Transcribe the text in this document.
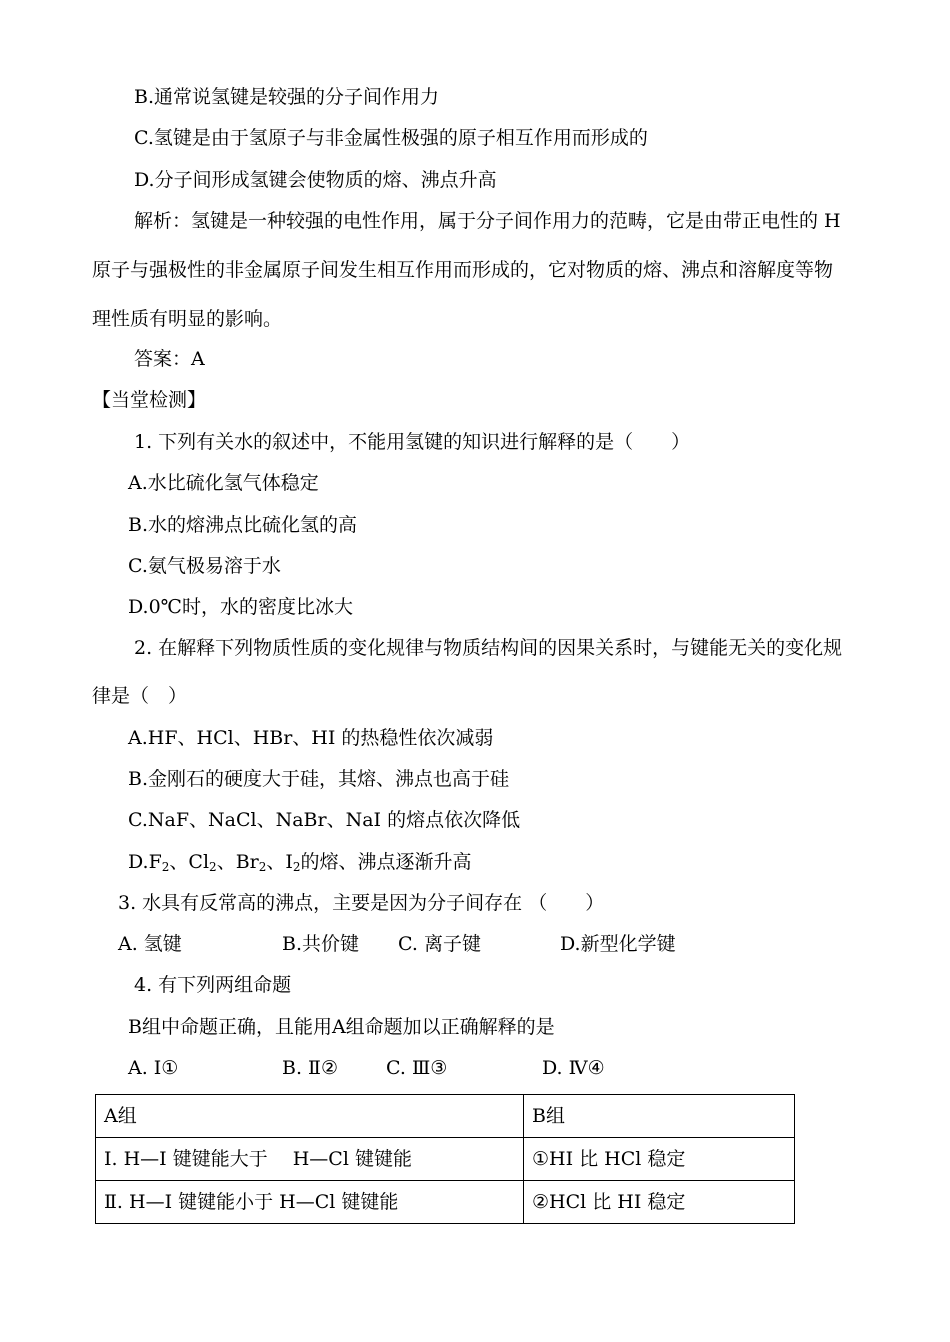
B.通常说氢键是较强的分子间作用力
C.氢键是由于氢原子与非金属性极强的原子相互作用而形成的
D.分子间形成氢键会使物质的熔、沸点升高
解析：氢键是一种较强的电性作用，属于分子间作用力的范畴，它是由带正电性的 H
原子与强极性的非金属原子间发生相互作用而形成的，它对物质的熔、沸点和溶解度等物
理性质有明显的影响。
答案：A
【当堂检测】
1. 下列有关水的叙述中，不能用氢键的知识进行解释的是（　　）
A.水比硫化氢气体稳定
B.水的熔沸点比硫化氢的高
C.氨气极易溶于水
D.0℃时，水的密度比冰大
2. 在解释下列物质性质的变化规律与物质结构间的因果关系时，与键能无关的变化规
律是（　）
A.HF、HCl、HBr、HI 的热稳性依次减弱
B.金刚石的硬度大于硅，其熔、沸点也高于硅
C.NaF、NaCl、NaBr、NaI 的熔点依次降低
$D.F_2$、$Cl_2$、$Br_2$、$I_2$的熔、沸点逐渐升高
3. 水具有反常高的沸点，主要是因为分子间存在 （　　）
A. 氢键	B.共价键 C. 离子键	D.新型化学键
4. 有下列两组命题
B组中命题正确，且能用A组命题加以正确解释的是
A. Ⅰ①	B. Ⅱ②	C. Ⅲ③	D. Ⅳ④
A组	B组
Ⅰ. H—I 键键能大于　 H—Cl 键键能	①HI 比 HCl 稳定
Ⅱ. H—I 键键能小于 H—Cl 键键能	②HCl 比 HI 稳定
